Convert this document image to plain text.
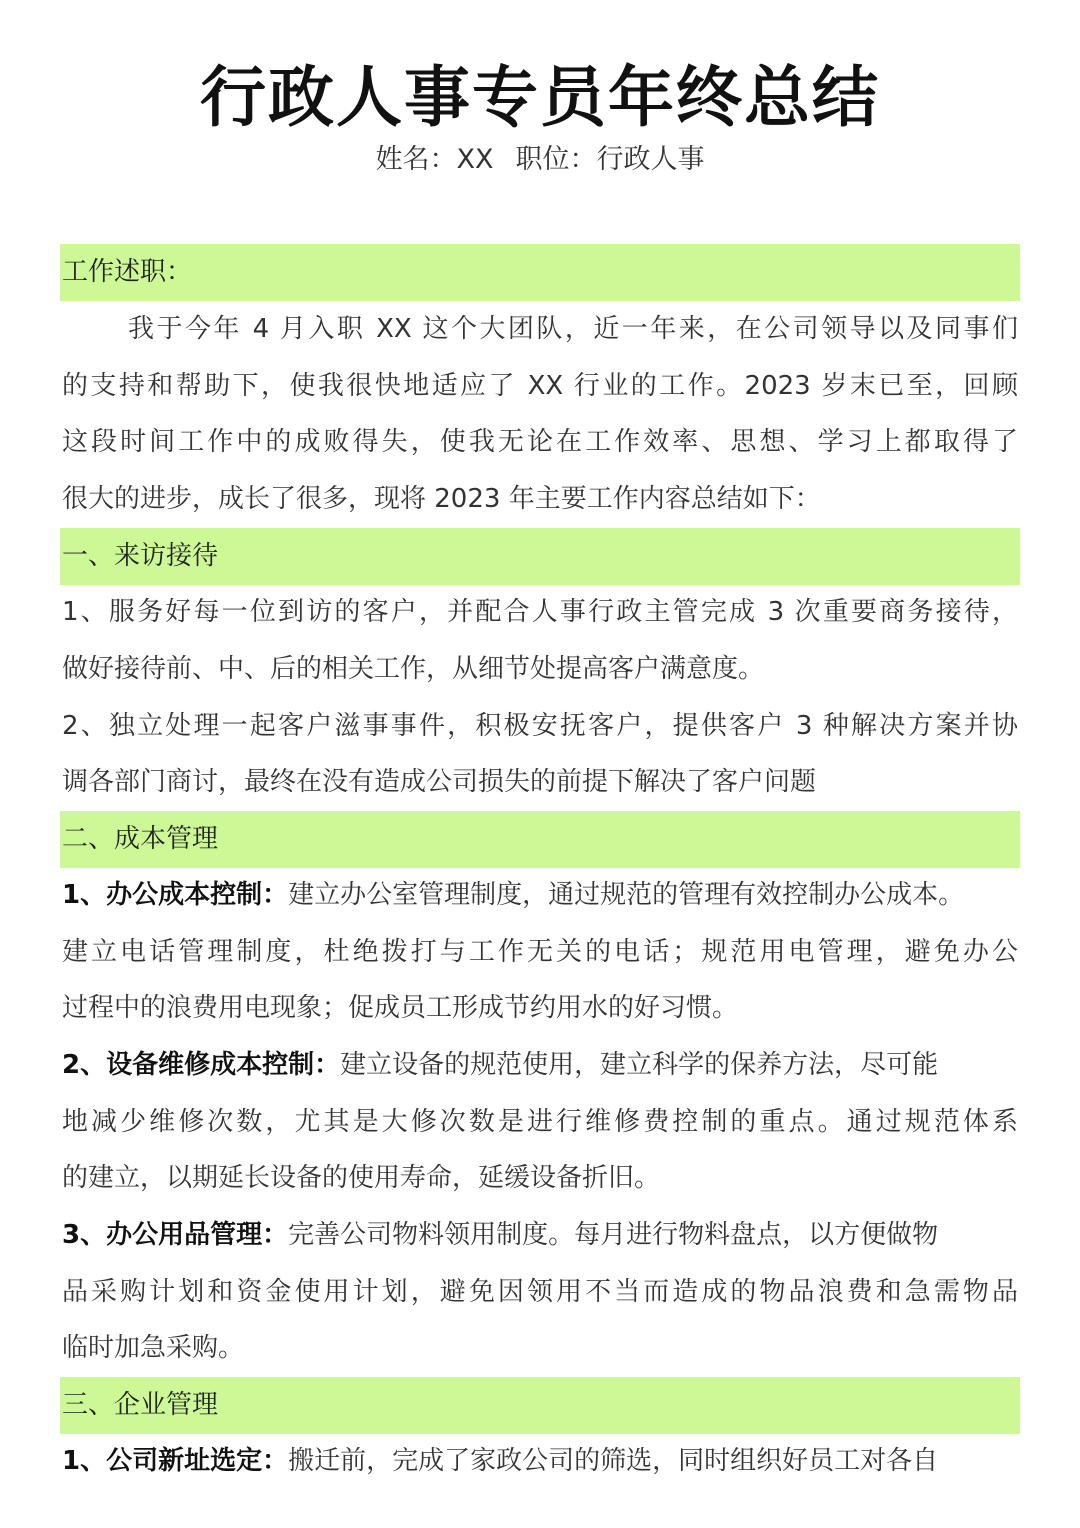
行政人事专员年终总结
姓名：XX 职位：行政人事
工作述职：
我于今年 4 月入职 XX 这个大团队，近一年来，在公司领导以及同事们
的支持和帮助下，使我很快地适应了 XX 行业的工作。2023 岁末已至，回顾
这段时间工作中的成败得失，使我无论在工作效率、思想、学习上都取得了
很大的进步，成长了很多，现将 2023 年主要工作内容总结如下：
一、来访接待
1、服务好每一位到访的客户，并配合人事行政主管完成 3 次重要商务接待，
做好接待前、中、后的相关工作，从细节处提高客户满意度。
2、独立处理一起客户滋事事件，积极安抚客户，提供客户 3 种解决方案并协
调各部门商讨，最终在没有造成公司损失的前提下解决了客户问题
二、成本管理
1、办公成本控制：建立办公室管理制度，通过规范的管理有效控制办公成本。
建立电话管理制度，杜绝拨打与工作无关的电话；规范用电管理，避免办公
过程中的浪费用电现象；促成员工形成节约用水的好习惯。
2、设备维修成本控制：建立设备的规范使用，建立科学的保养方法，尽可能
地减少维修次数，尤其是大修次数是进行维修费控制的重点。通过规范体系
的建立，以期延长设备的使用寿命，延缓设备折旧。
3、办公用品管理：完善公司物料领用制度。每月进行物料盘点，以方便做物
品采购计划和资金使用计划，避免因领用不当而造成的物品浪费和急需物品
临时加急采购。
三、企业管理
1、公司新址选定：搬迁前，完成了家政公司的筛选，同时组织好员工对各自
